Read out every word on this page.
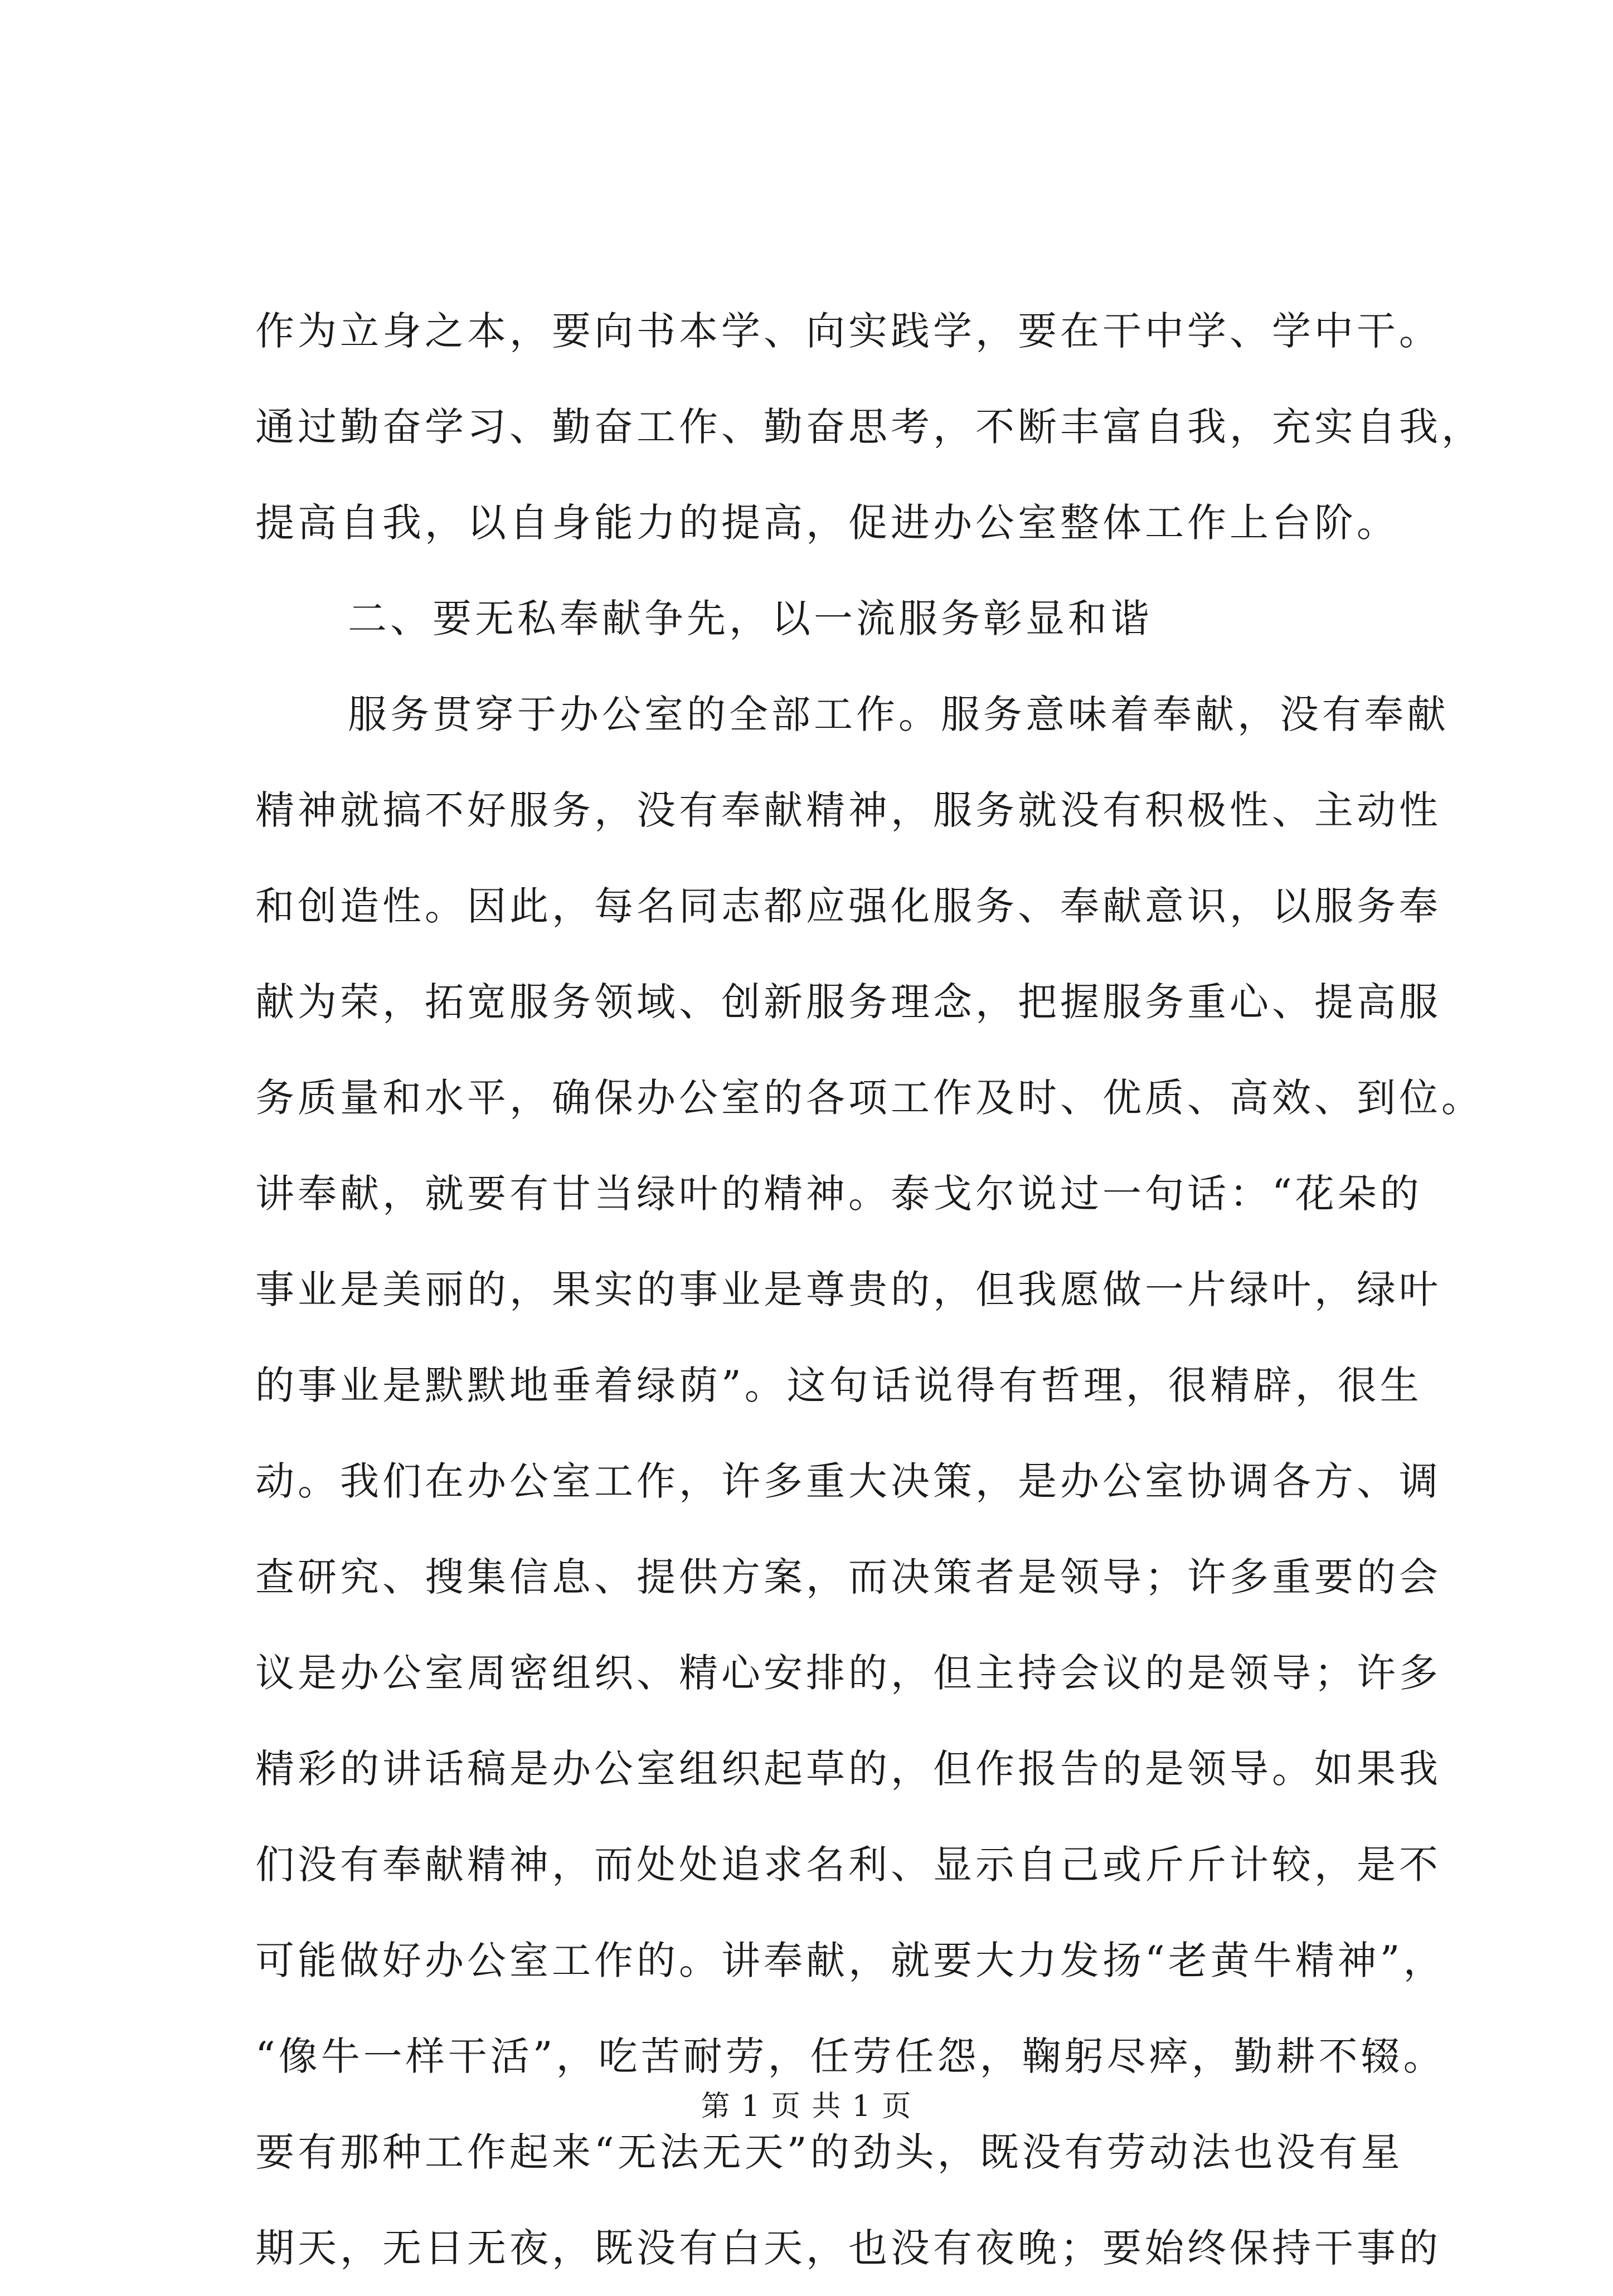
作为立身之本，要向书本学、向实践学，要在干中学、学中干。
通过勤奋学习、勤奋工作、勤奋思考，不断丰富自我，充实自我，
提高自我，以自身能力的提高，促进办公室整体工作上台阶。
二、要无私奉献争先，以一流服务彰显和谐
服务贯穿于办公室的全部工作。服务意味着奉献，没有奉献
精神就搞不好服务，没有奉献精神，服务就没有积极性、主动性
和创造性。因此，每名同志都应强化服务、奉献意识，以服务奉
献为荣，拓宽服务领域、创新服务理念，把握服务重心、提高服
务质量和水平，确保办公室的各项工作及时、优质、高效、到位。
讲奉献，就要有甘当绿叶的精神。泰戈尔说过一句话：“花朵的
事业是美丽的，果实的事业是尊贵的，但我愿做一片绿叶，绿叶
的事业是默默地垂着绿荫”。这句话说得有哲理，很精辟，很生
动。我们在办公室工作，许多重大决策，是办公室协调各方、调
查研究、搜集信息、提供方案，而决策者是领导；许多重要的会
议是办公室周密组织、精心安排的，但主持会议的是领导；许多
精彩的讲话稿是办公室组织起草的，但作报告的是领导。如果我
们没有奉献精神，而处处追求名利、显示自己或斤斤计较，是不
可能做好办公室工作的。讲奉献，就要大力发扬“老黄牛精神”，
“像牛一样干活”，吃苦耐劳，任劳任怨，鞠躬尽瘁，勤耕不辍。
要有那种工作起来“无法无天”的劲头，既没有劳动法也没有星
期天，无日无夜，既没有白天，也没有夜晚；要始终保持干事的
第 1 页 共 1 页
